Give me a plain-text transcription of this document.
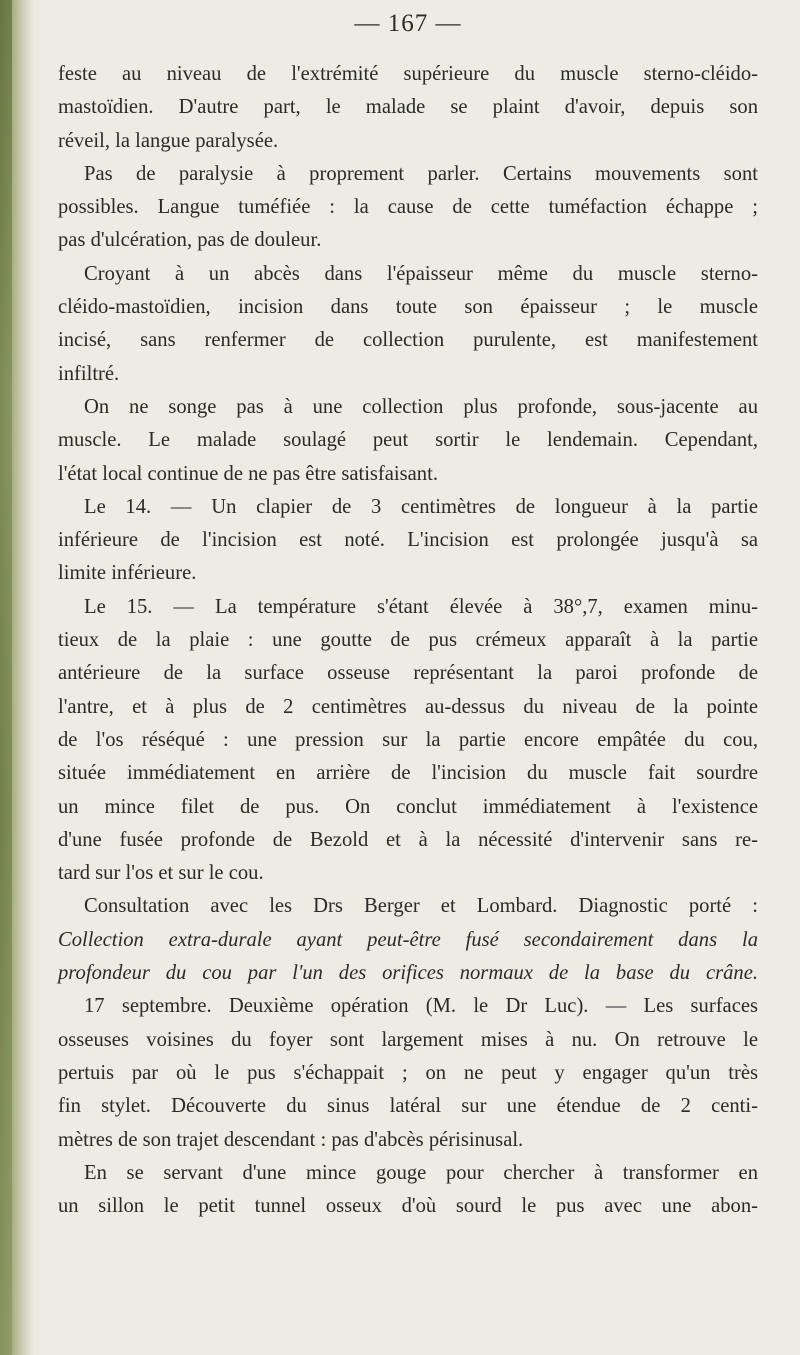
— 167 —
feste au niveau de l'extrémité supérieure du muscle sterno-cléido-
mastoïdien. D'autre part, le malade se plaint d'avoir, depuis son
réveil, la langue paralysée.
Pas de paralysie à proprement parler. Certains mouvements sont
possibles. Langue tuméfiée : la cause de cette tuméfaction échappe ;
pas d'ulcération, pas de douleur.
Croyant à un abcès dans l'épaisseur même du muscle sterno-
cléido-mastoïdien, incision dans toute son épaisseur ; le muscle
incisé, sans renfermer de collection purulente, est manifestement
infiltré.
On ne songe pas à une collection plus profonde, sous-jacente au
muscle. Le malade soulagé peut sortir le lendemain. Cependant,
l'état local continue de ne pas être satisfaisant.
Le 14. — Un clapier de 3 centimètres de longueur à la partie
inférieure de l'incision est noté. L'incision est prolongée jusqu'à sa
limite inférieure.
Le 15. — La température s'étant élevée à 38°,7, examen minu-
tieux de la plaie : une goutte de pus crémeux apparaît à la partie
antérieure de la surface osseuse représentant la paroi profonde de
l'antre, et à plus de 2 centimètres au-dessus du niveau de la pointe
de l'os réséqué : une pression sur la partie encore empâtée du cou,
située immédiatement en arrière de l'incision du muscle fait sourdre
un mince filet de pus. On conclut immédiatement à l'existence
d'une fusée profonde de Bezold et à la nécessité d'intervenir sans re-
tard sur l'os et sur le cou.
Consultation avec les Drs Berger et Lombard. Diagnostic porté :
Collection extra-durale ayant peut-être fusé secondairement dans la
profondeur du cou par l'un des orifices normaux de la base du crâne.
17 septembre. Deuxième opération (M. le Dr Luc). — Les surfaces
osseuses voisines du foyer sont largement mises à nu. On retrouve le
pertuis par où le pus s'échappait ; on ne peut y engager qu'un très
fin stylet. Découverte du sinus latéral sur une étendue de 2 centi-
mètres de son trajet descendant : pas d'abcès périsinusal.
En se servant d'une mince gouge pour chercher à transformer en
un sillon le petit tunnel osseux d'où sourd le pus avec une abon-
